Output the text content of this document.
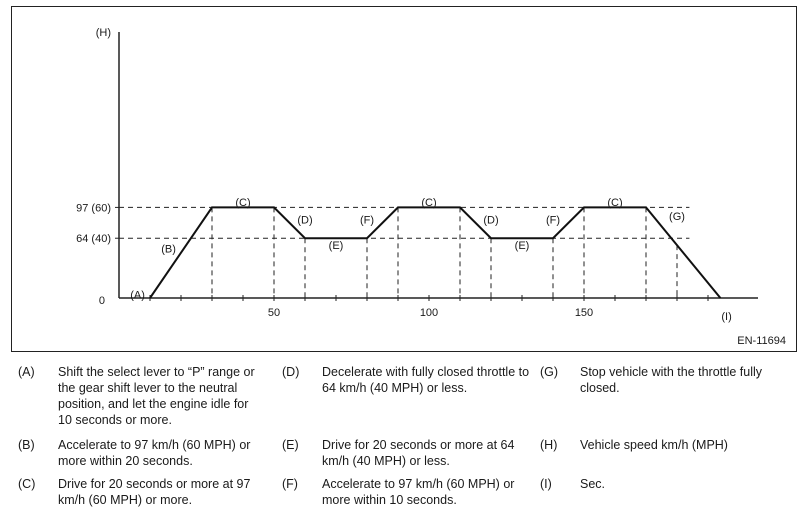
64 (40)
97 (60)
50	100	150
0
(H)
(I)
(A)
(B)
(C)
(D)
(E)
(F)
(C)
(D)
(E)
(F)
(C)
(G)
EN-11694
(A)	Shift the select lever to “P” range or the gear shift lever to the neutral position, and let the engine idle for 10 seconds or more.
(B)	Accelerate to 97 km/h (60 MPH) or more within 20 seconds.
(C)	Drive for 20 seconds or more at 97 km/h (60 MPH) or more.
(D)	Decelerate with fully closed throttle to 64 km/h (40 MPH) or less.
(E)	Drive for 20 seconds or more at 64 km/h (40 MPH) or less.
(F)	Accelerate to 97 km/h (60 MPH) or more within 10 seconds.
(G)	Stop vehicle with the throttle fully closed.
(H)	Vehicle speed km/h (MPH)
(I)	Sec.
